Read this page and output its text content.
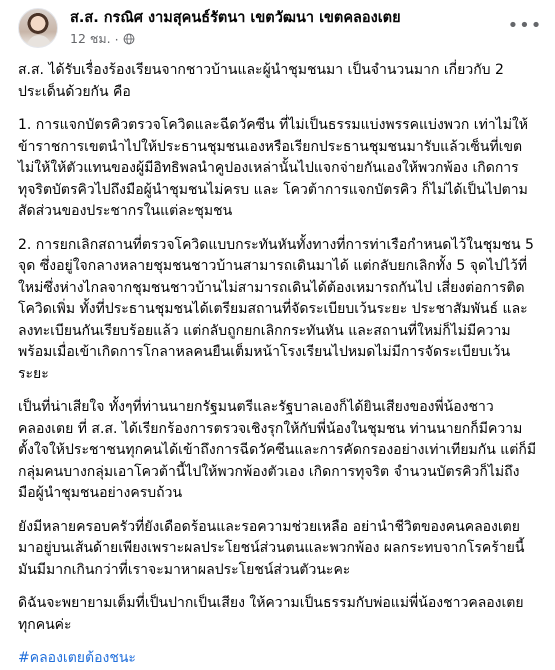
ส.ส. กรณิศ งามสุคนธ์รัตนา เขตวัฒนา เขตคลองเตย
12 ชม. ·
•••

ส.ส. ได้รับเรื่องร้องเรียนจากชาวบ้านและผู้นำชุมชนมา เป็นจำนวนมาก เกี่ยวกับ 2 ประเด็นด้วยกัน คือ

1. การแจกบัตรคิวตรวจโควิดและฉีดวัคซีน ที่ไม่เป็นธรรมแบ่งพรรคแบ่งพวก เท่าไม่ให้ข้าราชการเขตนำไปให้ประธานชุมชนเองหรือเรียกประธานชุมชนมารับแล้วเซ็นที่เขต ไม่ให้ให้ตัวแทนของผู้มีอิทธิพลนำคูปองเหล่านั้นไปแจกจ่ายกันเองให้พวกพ้อง เกิดการทุจริตบัตรคิวไปถึงมือผู้นำชุมชนไม่ครบ และ โควต้าการแจกบัตรคิว ก็ไม่ได้เป็นไปตามสัดส่วนของประชากรในแต่ละชุมชน

2. การยกเลิกสถานที่ตรวจโควิดแบบกระทันหันทั้งทางที่การท่าเรือกำหนดไว้ในชุมชน 5 จุด ซึ่งอยู่ใจกลางหลายชุมชนชาวบ้านสามารถเดินมาได้ แต่กลับยกเลิกทั้ง 5 จุดไปไว้ที่ใหม่ซึ่งห่างไกลจากชุมชนชาวบ้านไม่สามารถเดินได้ต้องเหมารถกันไป เสี่ยงต่อการติดโควิดเพิ่ม ทั้งที่ประธานชุมชนได้เตรียมสถานที่จัดระเบียบเว้นระยะ ประชาสัมพันธ์ และลงทะเบียนกันเรียบร้อยแล้ว แต่กลับถูกยกเลิกกระทันหัน และสถานที่ใหม่ก็ไม่มีความพร้อมเมื่อเข้าเกิดการโกลาหลคนยืนเต็มหน้าโรงเรียนไปหมดไม่มีการจัดระเบียบเว้นระยะ

เป็นที่น่าเสียใจ ทั้งๆที่ท่านนายกรัฐมนตรีและรัฐบาลเองก็ได้ยินเสียงของพี่น้องชาวคลองเตย ที่ ส.ส. ได้เรียกร้องการตรวจเชิงรุกให้กับพี่น้องในชุมชน ท่านนายกก็มีความตั้งใจให้ประชาชนทุกคนได้เข้าถึงการฉีดวัคซีนและการคัดกรองอย่างเท่าเทียมกัน แต่ก็มีกลุ่มคนบางกลุ่มเอาโควต้านี้ไปให้พวกพ้องตัวเอง เกิดการทุจริต จำนวนบัตรคิวก็ไม่ถึงมือผู้นำชุมชนอย่างครบถ้วน

ยังมีหลายครอบครัวที่ยังเดือดร้อนและรอความช่วยเหลือ อย่านำชีวิตของคนคลองเตย มาอยู่บนเส้นด้ายเพียงเพราะผลประโยชน์ส่วนตนและพวกพ้อง ผลกระทบจากโรคร้ายนี้มันมีมากเกินกว่าที่เราจะมาหาผลประโยชน์ส่วนตัวนะคะ

ดิฉันจะพยายามเต็มที่เป็นปากเป็นเสียง ให้ความเป็นธรรมกับพ่อแม่พี่น้องชาวคลองเตยทุกคนค่ะ

#คลองเตยต้องชนะ
